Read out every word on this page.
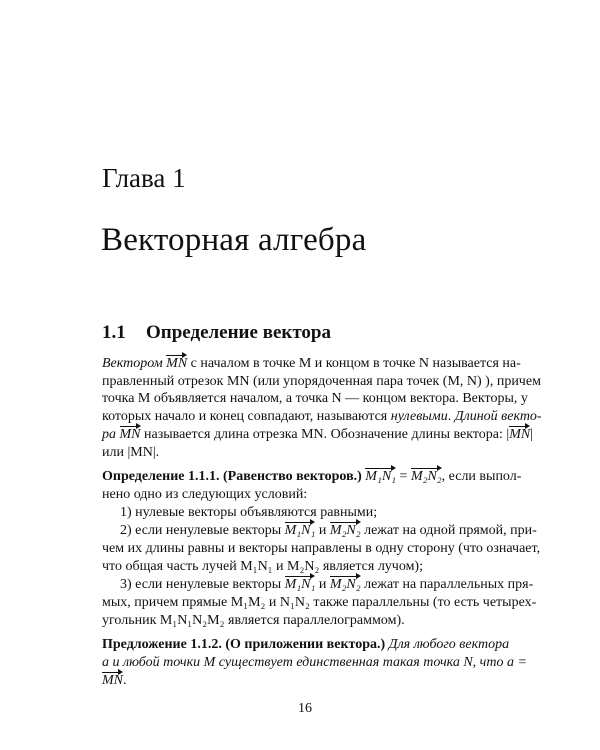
Глава 1
Векторная алгебра
1.1 Определение вектора
Вектором MN с началом в точке M и концом в точке N называется на-
правленный отрезок MN (или упорядоченная пара точек (M, N) ), причем
точка M объявляется началом, а точка N — концом вектора. Векторы, у
которых начало и конец совпадают, называются нулевыми. Длиной векто-
ра MN называется длина отрезка MN. Обозначение длины вектора: |MN|
или |MN|.
Определение 1.1.1. (Равенство векторов.) M₁N₁ = M₂N₂, если выпол-
нено одно из следующих условий:
1) нулевые векторы объявляются равными;
2) если ненулевые векторы M₁N₁ и M₂N₂ лежат на одной прямой, при-
чем их длины равны и векторы направлены в одну сторону (что означает,
что общая часть лучей M₁N₁ и M₂N₂ является лучом);
3) если ненулевые векторы M₁N₁ и M₂N₂ лежат на параллельных пря-
мых, причем прямые M₁M₂ и N₁N₂ также параллельны (то есть четырех-
угольник M₁N₁N₂M₂ является параллелограммом).
Предложение 1.1.2. (О приложении вектора.) Для любого вектора
a и любой точки M существует единственная такая точка N, что a =
MN.
16
